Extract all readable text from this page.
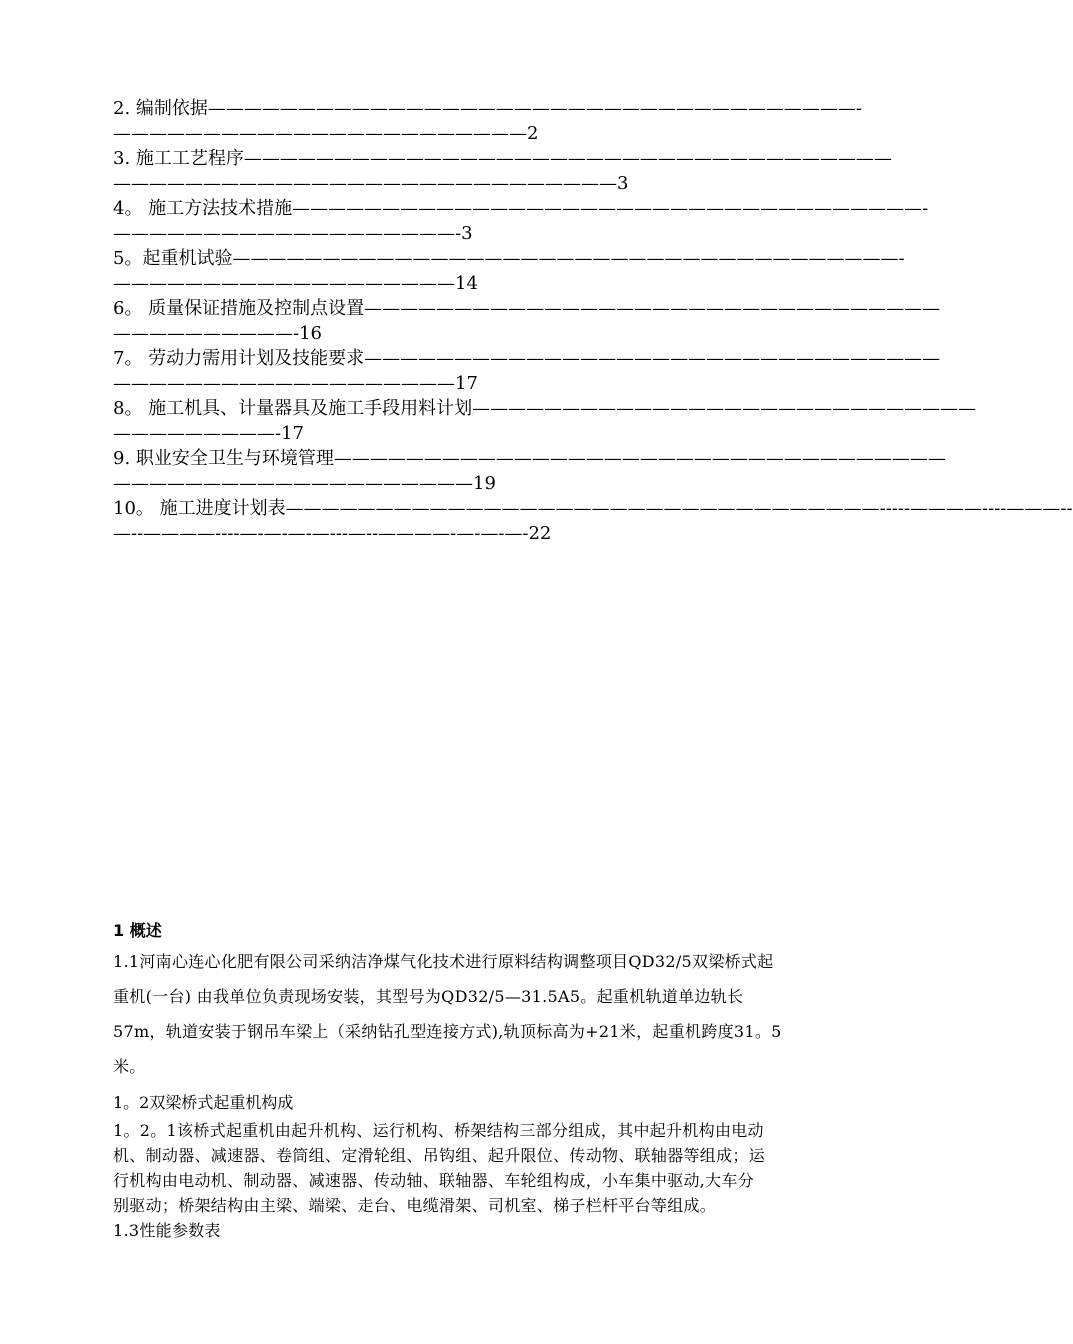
2. 编制依据————————————————————————————————————-
———————————————————————2
3. 施工工艺程序————————————————————————————————————
————————————————————————————3
4。 施工方法技术措施———————————————————————————————————-
———————————————————-3
5。起重机试验—————————————————————————————————————-
———————————————————14
6。 质量保证措施及控制点设置————————————————————————————————
——————————-16
7。 劳动力需用计划及技能要求————————————————————————————————
———————————————————17
8。 施工机具、计量器具及施工手段用料计划————————————————————————————
—————————-17
9. 职业安全卫生与环境管理——————————————————————————————————
————————————————————19
10。 施工进度计划表—————————————————————————————————-----————----———--
—--————----—-—-—-—---—--————-—-—-—-22
1 概述
1.1河南心连心化肥有限公司采纳洁净煤气化技术进行原料结构调整项目QD32/5双梁桥式起
重机(一台) 由我单位负责现场安装，其型号为QD32/5—31.5A5。起重机轨道单边轨长
57m，轨道安装于钢吊车梁上（采纳钻孔型连接方式),轨顶标高为+21米，起重机跨度31。5
米。
1。2双梁桥式起重机构成
1。2。1该桥式起重机由起升机构、运行机构、桥架结构三部分组成，其中起升机构由电动
机、制动器、减速器、卷筒组、定滑轮组、吊钩组、起升限位、传动物、联轴器等组成；运
行机构由电动机、制动器、减速器、传动轴、联轴器、车轮组构成，小车集中驱动,大车分
别驱动；桥架结构由主梁、端梁、走台、电缆滑架、司机室、梯子栏杆平台等组成。
1.3性能参数表
